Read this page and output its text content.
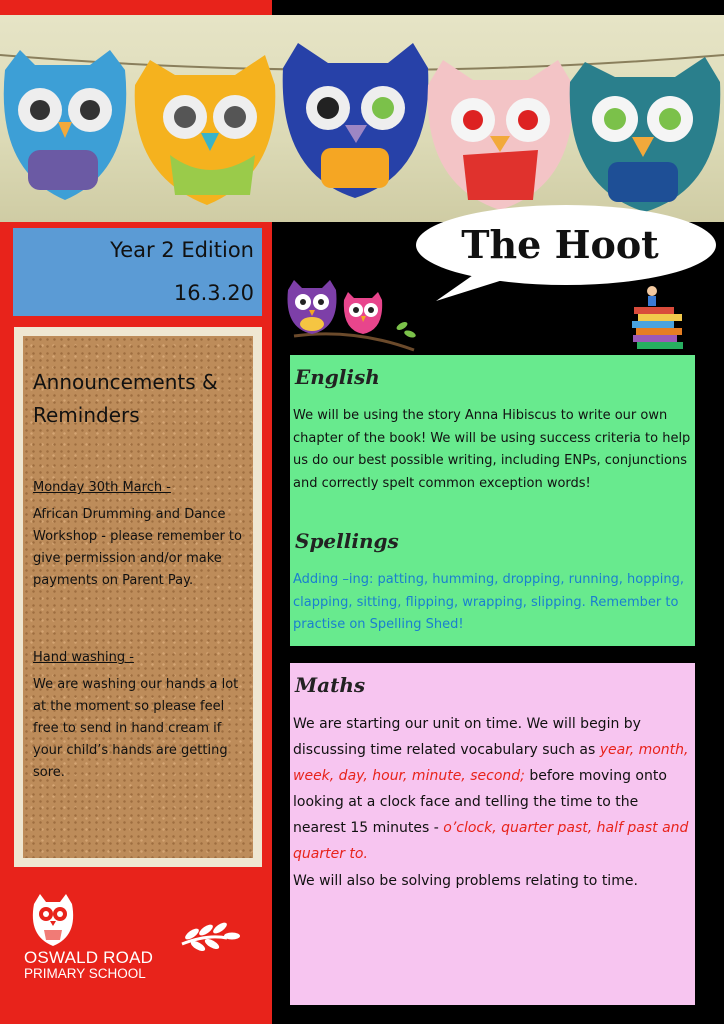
Year 2 Edition
16.3.20
Announcements & Reminders
Monday 30th March -
African Drumming and Dance Workshop - please remember to give permission and/or make payments on Parent Pay.
Hand washing -
We are washing our hands a lot at the moment so please feel free to send in hand cream if your child’s hands are getting sore.
OSWALD ROAD
PRIMARY SCHOOL
The Hoot
English
We will be using the story Anna Hibiscus to write our own chapter of the book! We will be using success criteria to help us do our best possible writing, including ENPs, conjunctions and correctly spelt common exception words!
Spellings
Adding –ing: patting, humming, dropping, running, hopping, clapping, sitting, flipping, wrapping, slipping. Remember to practise on Spelling Shed!
Maths
We are starting our unit on time. We will begin by discussing time related vocabulary such as year, month, week, day, hour, minute, second; before moving onto looking at a clock face and telling the time to the nearest 15 minutes - o’clock, quarter past, half past and quarter to.
We will also be solving problems relating to time.
